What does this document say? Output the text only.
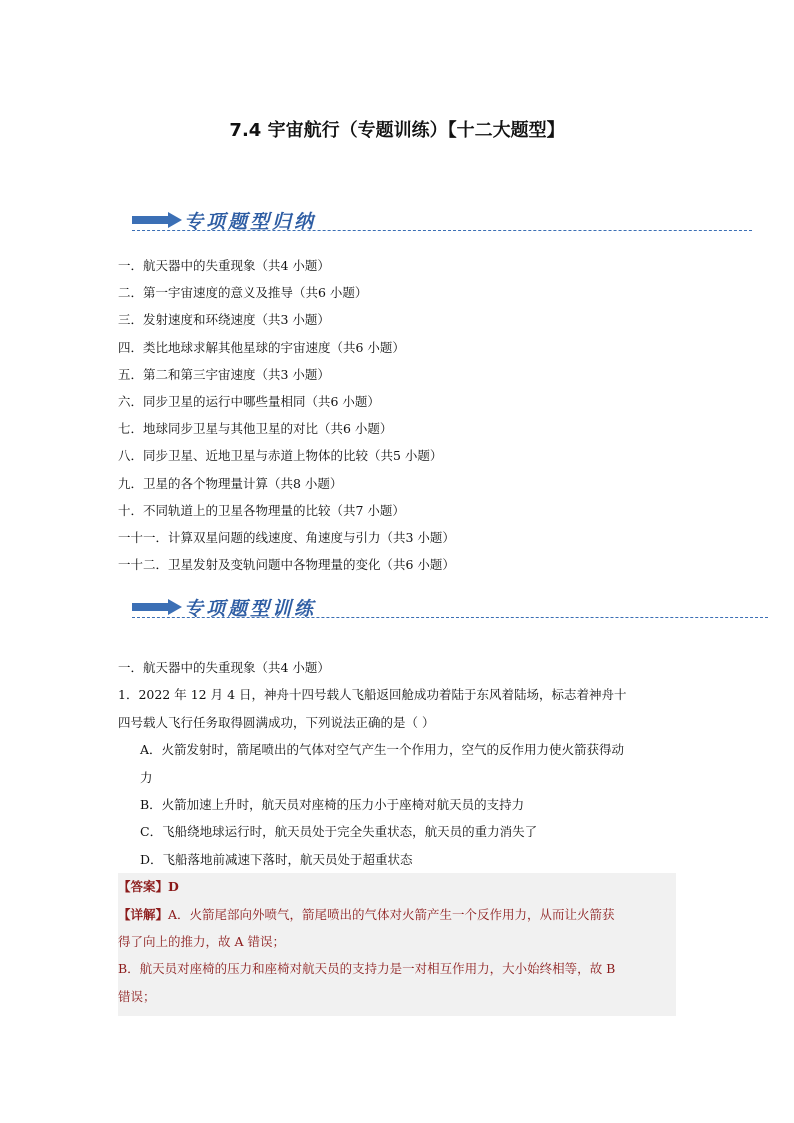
7.4 宇宙航行（专题训练）【十二大题型】
专项题型归纳
一．航天器中的失重现象（共4 小题）
二．第一宇宙速度的意义及推导（共6 小题）
三．发射速度和环绕速度（共3 小题）
四．类比地球求解其他星球的宇宙速度（共6 小题）
五．第二和第三宇宙速度（共3 小题）
六．同步卫星的运行中哪些量相同（共6 小题）
七．地球同步卫星与其他卫星的对比（共6 小题）
八．同步卫星、近地卫星与赤道上物体的比较（共5 小题）
九．卫星的各个物理量计算（共8 小题）
十．不同轨道上的卫星各物理量的比较（共7 小题）
一十一．计算双星问题的线速度、角速度与引力（共3 小题）
一十二．卫星发射及变轨问题中各物理量的变化（共6 小题）
专项题型训练
一．航天器中的失重现象（共4 小题）
1．2022 年 12 月 4 日，神舟十四号载人飞船返回舱成功着陆于东风着陆场，标志着神舟十
四号载人飞行任务取得圆满成功，下列说法正确的是（ ）
A．火箭发射时，箭尾喷出的气体对空气产生一个作用力，空气的反作用力使火箭获得动
力
B．火箭加速上升时，航天员对座椅的压力小于座椅对航天员的支持力
C．飞船绕地球运行时，航天员处于完全失重状态，航天员的重力消失了
D．飞船落地前减速下落时，航天员处于超重状态
【答案】D
【详解】A．火箭尾部向外喷气，箭尾喷出的气体对火箭产生一个反作用力，从而让火箭获
得了向上的推力，故 A 错误；
B．航天员对座椅的压力和座椅对航天员的支持力是一对相互作用力，大小始终相等，故 B
错误；
